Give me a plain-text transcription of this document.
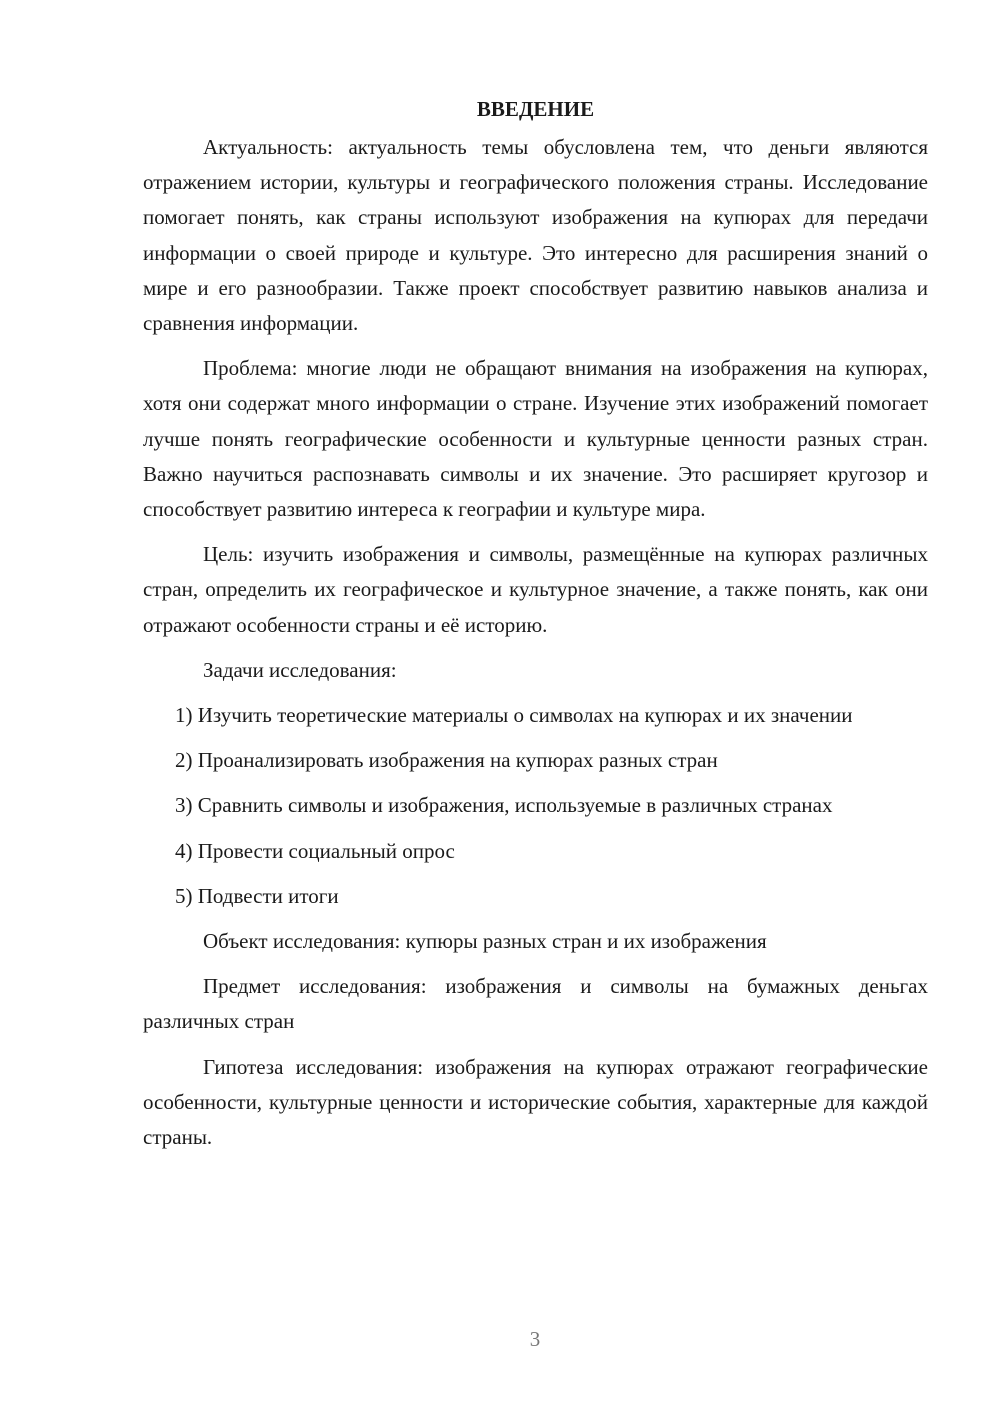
ВВЕДЕНИЕ

Актуальность: актуальность темы обусловлена тем, что деньги являются отражением истории, культуры и географического положения страны. Исследование помогает понять, как страны используют изображения на купюрах для передачи информации о своей природе и культуре. Это интересно для расширения знаний о мире и его разнообразии. Также проект способствует развитию навыков анализа и сравнения информации.

Проблема: многие люди не обращают внимания на изображения на купюрах, хотя они содержат много информации о стране. Изучение этих изображений помогает лучше понять географические особенности и культурные ценности разных стран. Важно научиться распознавать символы и их значение. Это расширяет кругозор и способствует развитию интереса к географии и культуре мира.

Цель: изучить изображения и символы, размещённые на купюрах различных стран, определить их географическое и культурное значение, а также понять, как они отражают особенности страны и её историю.

Задачи исследования:

1) Изучить теоретические материалы о символах на купюрах и их значении

2) Проанализировать изображения на купюрах разных стран

3) Сравнить символы и изображения, используемые в различных странах

4) Провести социальный опрос

5) Подвести итоги

Объект исследования: купюры разных стран и их изображения

Предмет исследования: изображения и символы на бумажных деньгах различных стран

Гипотеза исследования: изображения на купюрах отражают географические особенности, культурные ценности и исторические события, характерные для каждой страны.

3
